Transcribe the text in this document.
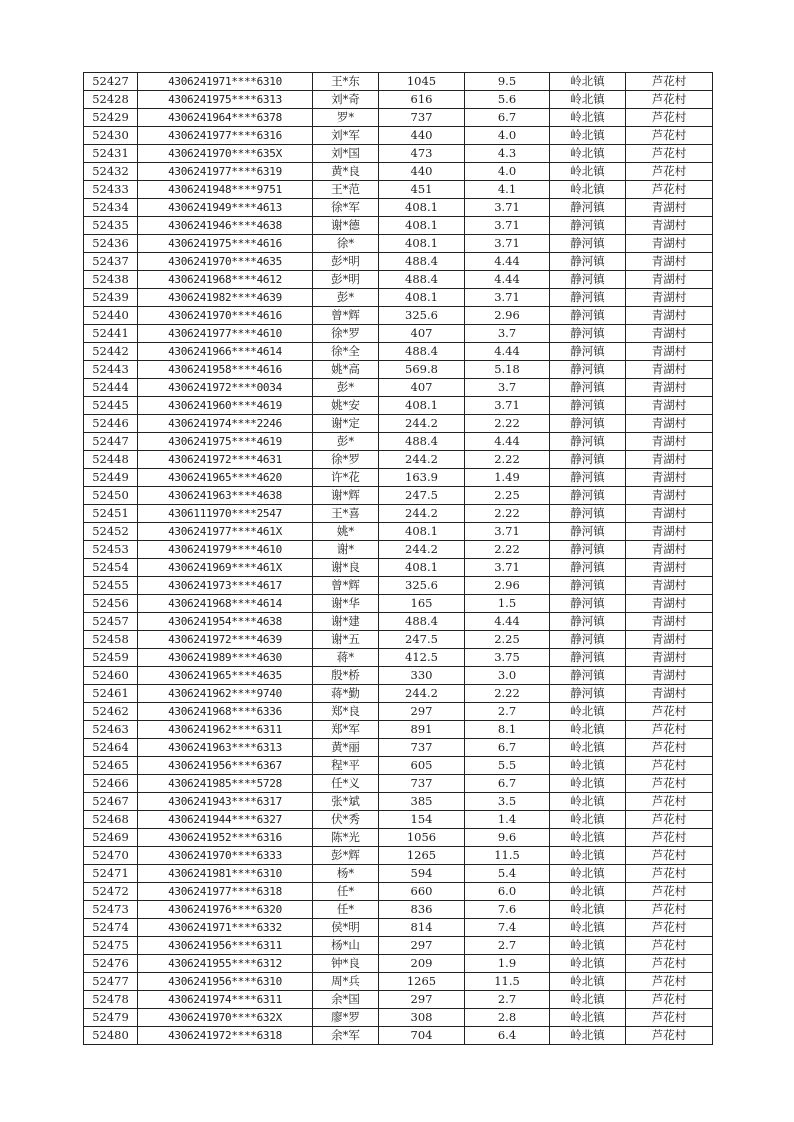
52427	4306241971****6310	王*东	1045	9.5	岭北镇	芦花村
52428	4306241975****6313	刘*奇	616	5.6	岭北镇	芦花村
52429	4306241964****6378	罗*	737	6.7	岭北镇	芦花村
52430	4306241977****6316	刘*军	440	4.0	岭北镇	芦花村
52431	4306241970****635X	刘*国	473	4.3	岭北镇	芦花村
52432	4306241977****6319	黄*良	440	4.0	岭北镇	芦花村
52433	4306241948****9751	王*范	451	4.1	岭北镇	芦花村
52434	4306241949****4613	徐*军	408.1	3.71	静河镇	青湖村
52435	4306241946****4638	谢*德	408.1	3.71	静河镇	青湖村
52436	4306241975****4616	徐*	408.1	3.71	静河镇	青湖村
52437	4306241970****4635	彭*明	488.4	4.44	静河镇	青湖村
52438	4306241968****4612	彭*明	488.4	4.44	静河镇	青湖村
52439	4306241982****4639	彭*	408.1	3.71	静河镇	青湖村
52440	4306241970****4616	曾*辉	325.6	2.96	静河镇	青湖村
52441	4306241977****4610	徐*罗	407	3.7	静河镇	青湖村
52442	4306241966****4614	徐*全	488.4	4.44	静河镇	青湖村
52443	4306241958****4616	姚*高	569.8	5.18	静河镇	青湖村
52444	4306241972****0034	彭*	407	3.7	静河镇	青湖村
52445	4306241960****4619	姚*安	408.1	3.71	静河镇	青湖村
52446	4306241974****2246	谢*定	244.2	2.22	静河镇	青湖村
52447	4306241975****4619	彭*	488.4	4.44	静河镇	青湖村
52448	4306241972****4631	徐*罗	244.2	2.22	静河镇	青湖村
52449	4306241965****4620	许*花	163.9	1.49	静河镇	青湖村
52450	4306241963****4638	谢*辉	247.5	2.25	静河镇	青湖村
52451	4306111970****2547	王*喜	244.2	2.22	静河镇	青湖村
52452	4306241977****461X	姚*	408.1	3.71	静河镇	青湖村
52453	4306241979****4610	谢*	244.2	2.22	静河镇	青湖村
52454	4306241969****461X	谢*良	408.1	3.71	静河镇	青湖村
52455	4306241973****4617	曾*辉	325.6	2.96	静河镇	青湖村
52456	4306241968****4614	谢*华	165	1.5	静河镇	青湖村
52457	4306241954****4638	谢*建	488.4	4.44	静河镇	青湖村
52458	4306241972****4639	谢*五	247.5	2.25	静河镇	青湖村
52459	4306241989****4630	蒋*	412.5	3.75	静河镇	青湖村
52460	4306241965****4635	殷*桥	330	3.0	静河镇	青湖村
52461	4306241962****9740	蒋*勤	244.2	2.22	静河镇	青湖村
52462	4306241968****6336	郑*良	297	2.7	岭北镇	芦花村
52463	4306241962****6311	郑*军	891	8.1	岭北镇	芦花村
52464	4306241963****6313	黄*丽	737	6.7	岭北镇	芦花村
52465	4306241956****6367	程*平	605	5.5	岭北镇	芦花村
52466	4306241985****5728	任*义	737	6.7	岭北镇	芦花村
52467	4306241943****6317	张*斌	385	3.5	岭北镇	芦花村
52468	4306241944****6327	伏*秀	154	1.4	岭北镇	芦花村
52469	4306241952****6316	陈*光	1056	9.6	岭北镇	芦花村
52470	4306241970****6333	彭*辉	1265	11.5	岭北镇	芦花村
52471	4306241981****6310	杨*	594	5.4	岭北镇	芦花村
52472	4306241977****6318	任*	660	6.0	岭北镇	芦花村
52473	4306241976****6320	任*	836	7.6	岭北镇	芦花村
52474	4306241971****6332	侯*明	814	7.4	岭北镇	芦花村
52475	4306241956****6311	杨*山	297	2.7	岭北镇	芦花村
52476	4306241955****6312	钟*良	209	1.9	岭北镇	芦花村
52477	4306241956****6310	周*兵	1265	11.5	岭北镇	芦花村
52478	4306241974****6311	余*国	297	2.7	岭北镇	芦花村
52479	4306241970****632X	廖*罗	308	2.8	岭北镇	芦花村
52480	4306241972****6318	余*军	704	6.4	岭北镇	芦花村
